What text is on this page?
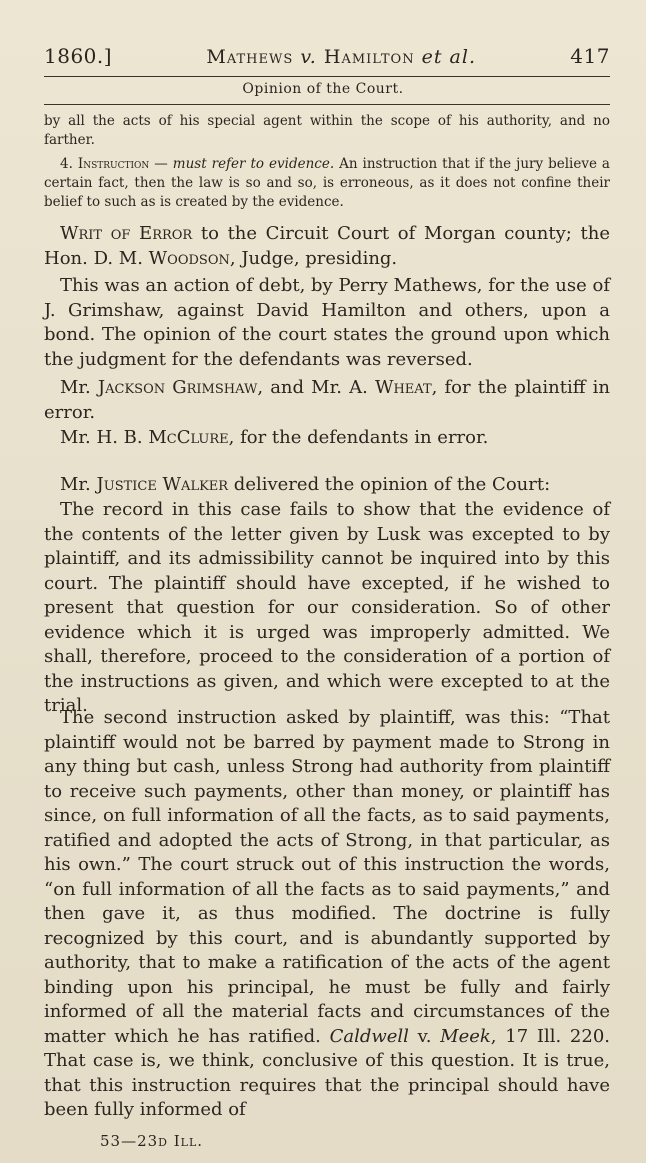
1860.]	Mathews v. Hamilton et al.	417
Opinion of the Court.
by all the acts of his special agent within the scope of his authority, and no farther.
4. Instruction — must refer to evidence. An instruction that if the jury believe a certain fact, then the law is so and so, is erroneous, as it does not confine their belief to such as is created by the evidence.
Writ of Error to the Circuit Court of Morgan county; the Hon. D. M. Woodson, Judge, presiding.
This was an action of debt, by Perry Mathews, for the use of J. Grimshaw, against David Hamilton and others, upon a bond. The opinion of the court states the ground upon which the judgment for the defendants was reversed.
Mr. Jackson Grimshaw, and Mr. A. Wheat, for the plaintiff in error.
Mr. H. B. McClure, for the defendants in error.
Mr. Justice Walker delivered the opinion of the Court:
The record in this case fails to show that the evidence of the contents of the letter given by Lusk was excepted to by plaintiff, and its admissibility cannot be inquired into by this court. The plaintiff should have excepted, if he wished to present that question for our consideration. So of other evidence which it is urged was improperly admitted. We shall, therefore, proceed to the consideration of a portion of the instructions as given, and which were excepted to at the trial.
The second instruction asked by plaintiff, was this: “That plaintiff would not be barred by payment made to Strong in any thing but cash, unless Strong had authority from plaintiff to receive such payments, other than money, or plaintiff has since, on full information of all the facts, as to said payments, ratified and adopted the acts of Strong, in that particular, as his own.” The court struck out of this instruction the words, “on full information of all the facts as to said payments,” and then gave it, as thus modified. The doctrine is fully recognized by this court, and is abundantly supported by authority, that to make a ratification of the acts of the agent binding upon his principal, he must be fully and fairly informed of all the material facts and circumstances of the matter which he has ratified. Caldwell v. Meek, 17 Ill. 220. That case is, we think, conclusive of this question. It is true, that this instruction requires that the principal should have been fully informed of
53—23d Ill.
